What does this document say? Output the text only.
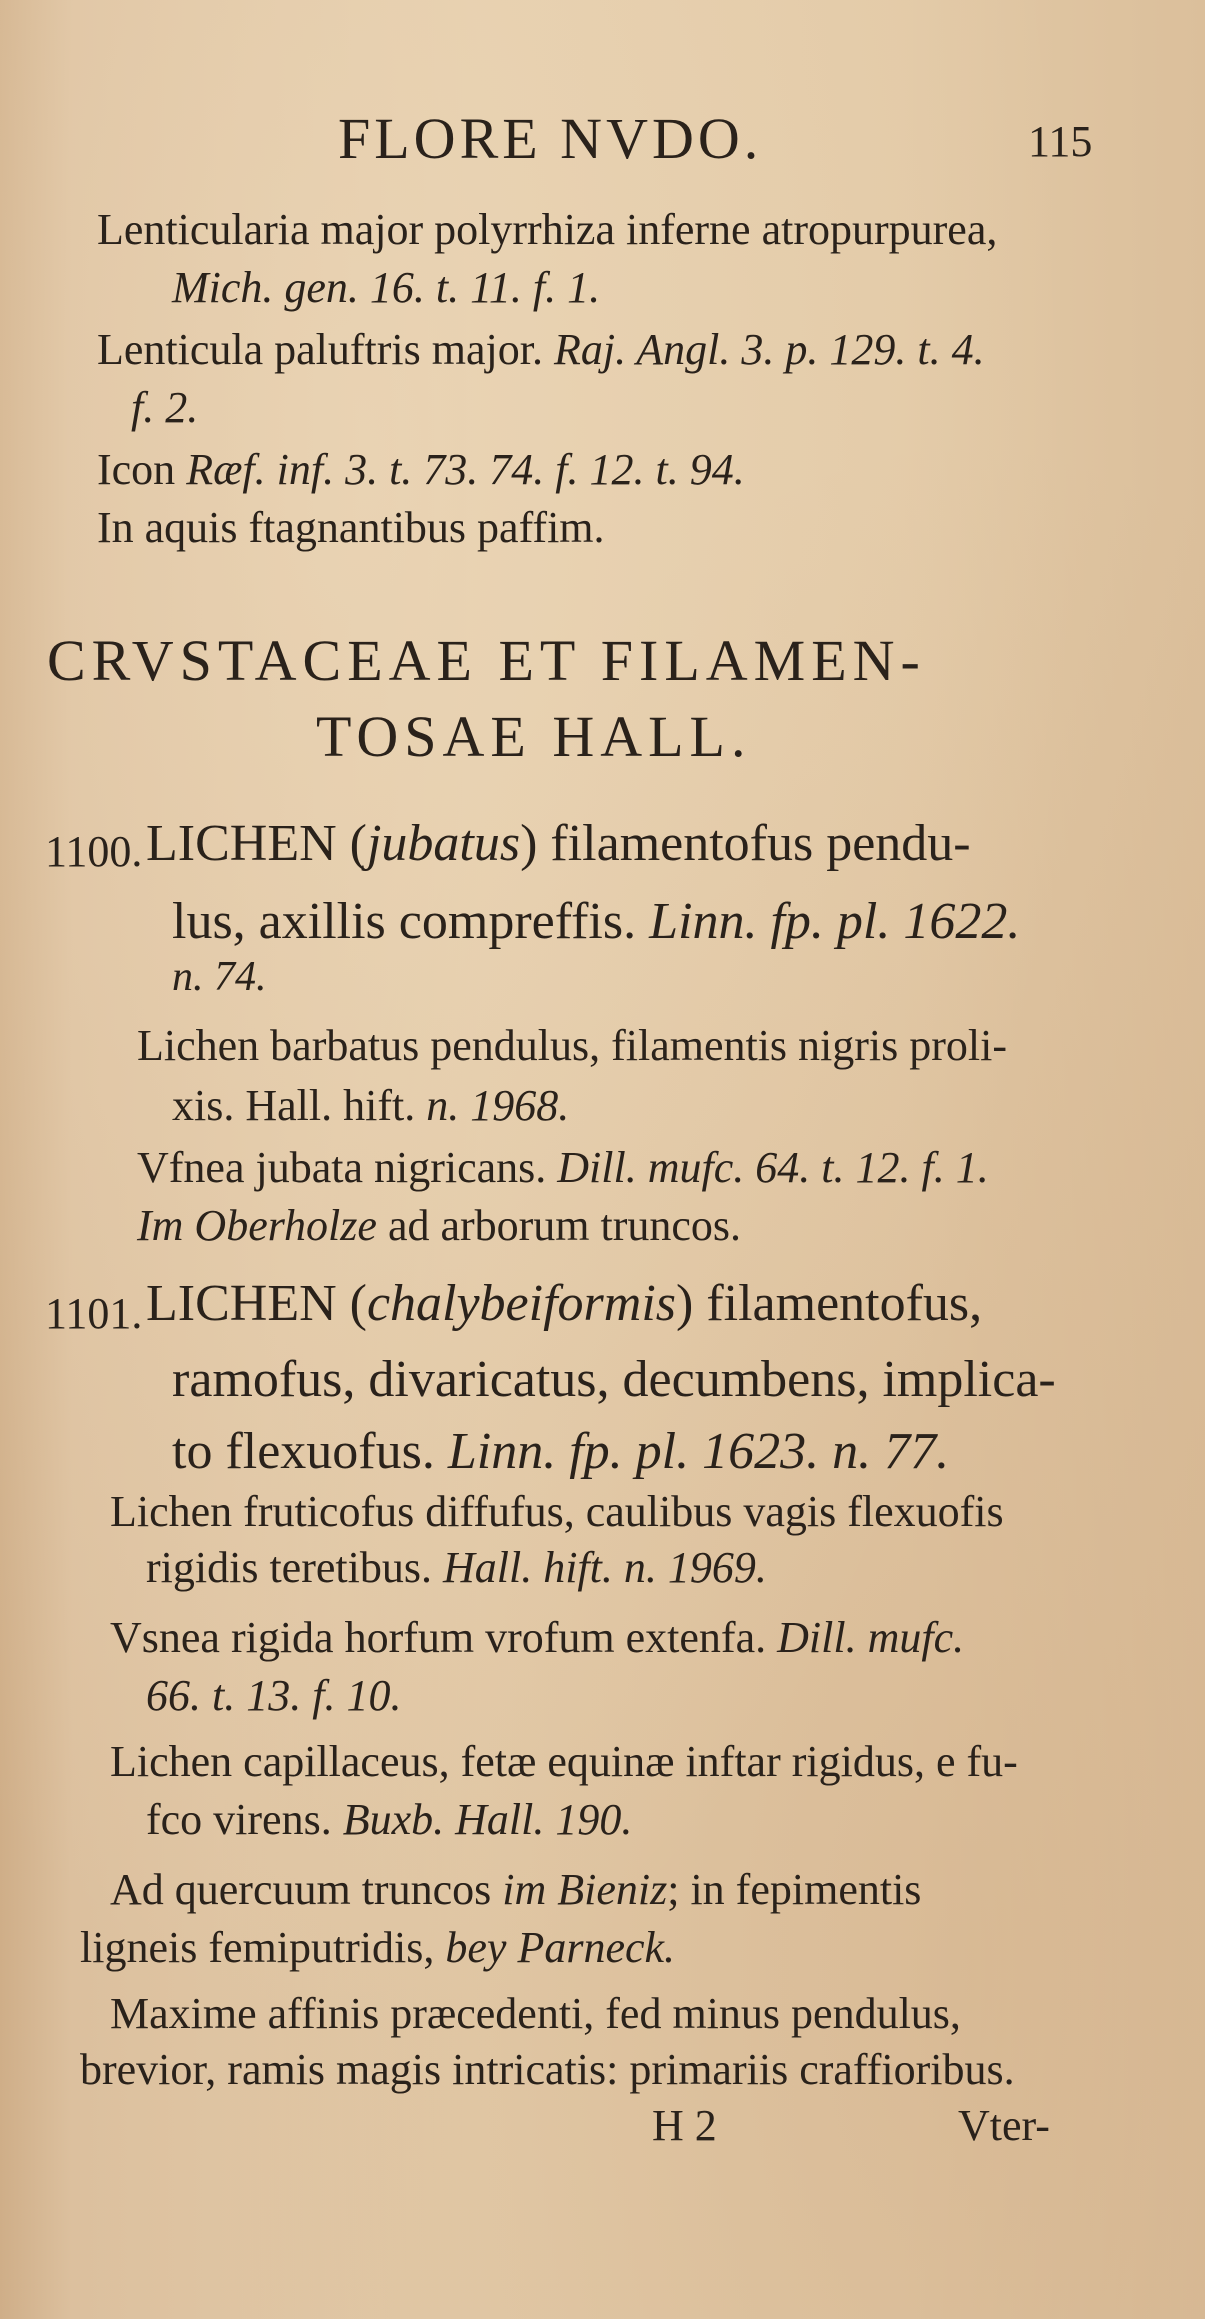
FLORE NVDO.	115
Lenticularia major polyrrhiza inferne atropurpurea,
Mich. gen. 16. t. 11. f. 1.
Lenticula paluftris major. Raj. Angl. 3. p. 129. t. 4.
f. 2.
Icon Ræf. inf. 3. t. 73. 74. f. 12. t. 94.
In aquis ftagnantibus paffim.
CRVSTACEAE ET FILAMEN-
TOSAE HALL.
1100. LICHEN (jubatus) filamentofus pendu-
lus, axillis compreffis. Linn. fp. pl. 1622.
n. 74.
Lichen barbatus pendulus, filamentis nigris proli-
xis. Hall. hift. n. 1968.
Vfnea jubata nigricans. Dill. mufc. 64. t. 12. f. 1.
Im Oberholze ad arborum truncos.
1101. LICHEN (chalybeiformis) filamentofus,
ramofus, divaricatus, decumbens, implica-
to flexuofus. Linn. fp. pl. 1623. n. 77.
Lichen fruticofus diffufus, caulibus vagis flexuofis
rigidis teretibus. Hall. hift. n. 1969.
Vsnea rigida horfum vrofum extenfa. Dill. mufc.
66. t. 13. f. 10.
Lichen capillaceus, fetæ equinæ inftar rigidus, e fu-
fco virens. Buxb. Hall. 190.
Ad quercuum truncos im Bieniz; in fepimentis
ligneis femiputridis, bey Parneck.
Maxime affinis præcedenti, fed minus pendulus,
brevior, ramis magis intricatis: primariis craffioribus.
H 2	Vter-
